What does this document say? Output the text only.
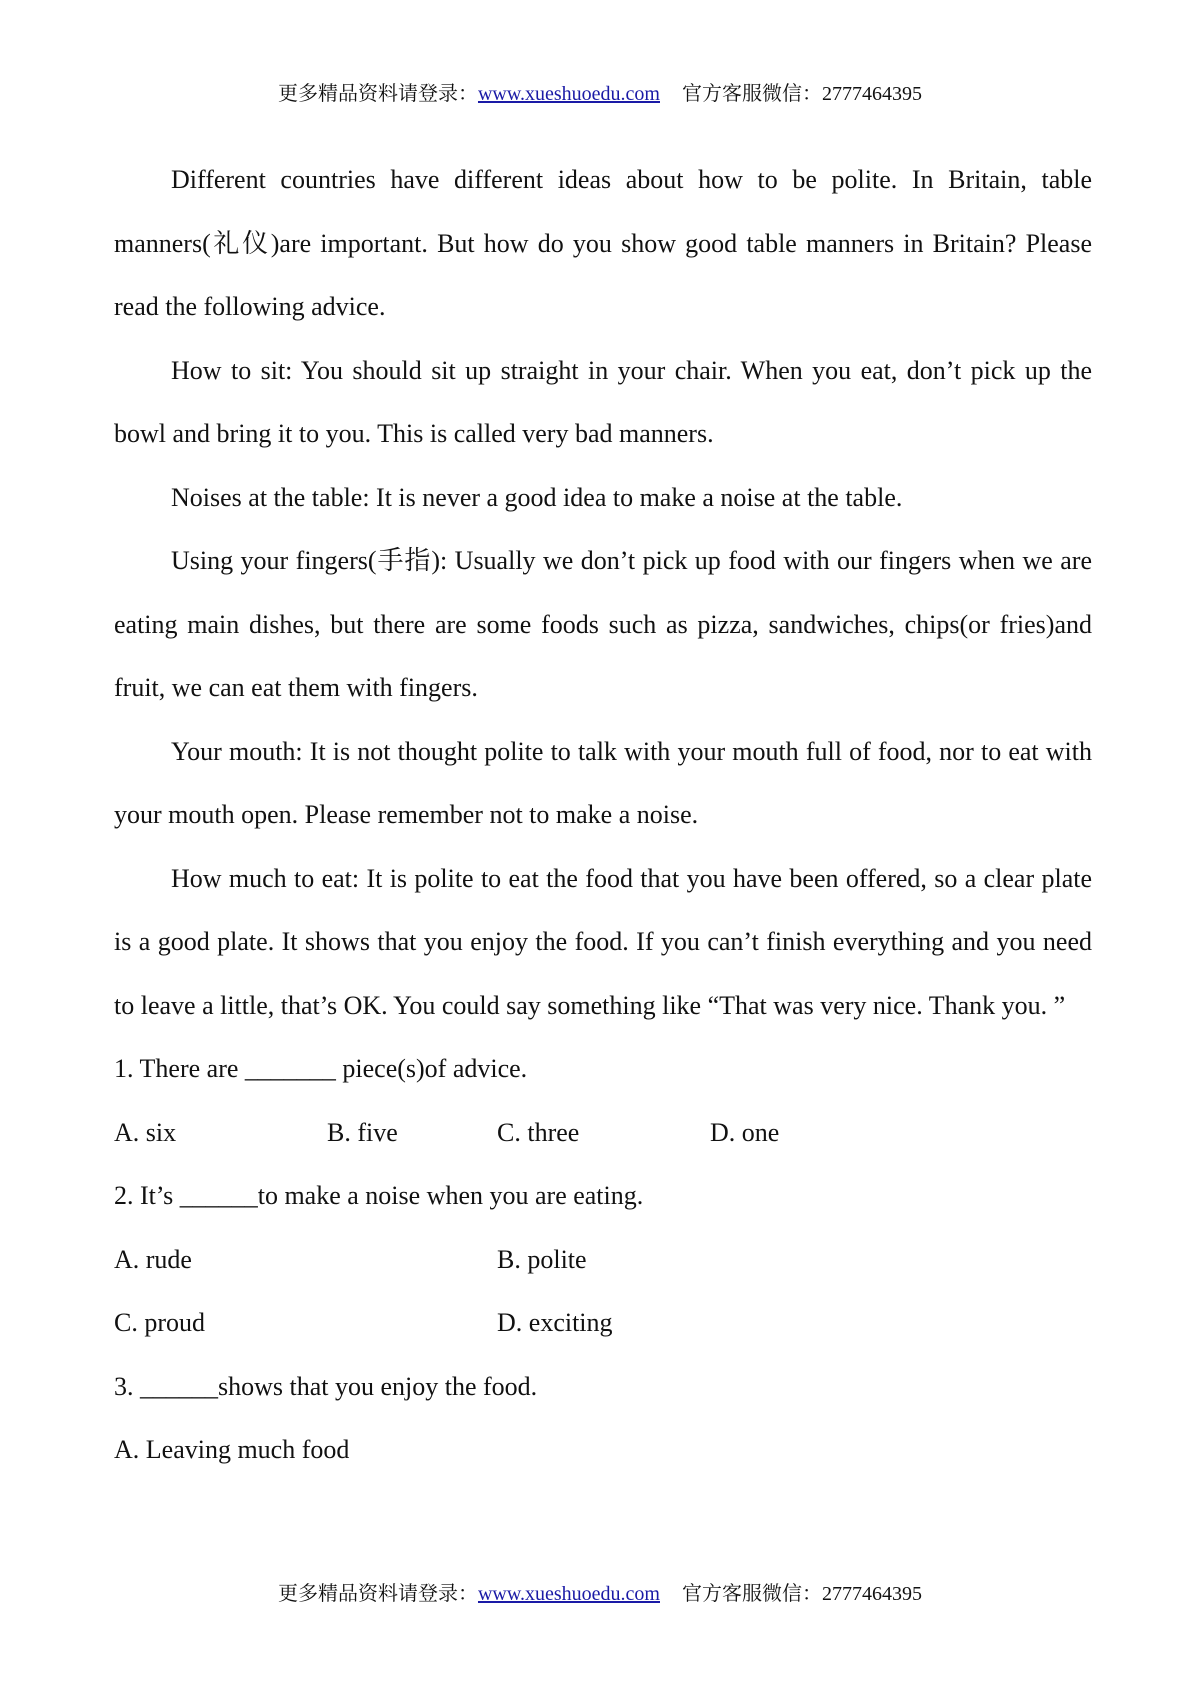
更多精品资料请登录：www.xueshuoedu.com 官方客服微信：2777464395

Different countries have different ideas about how to be polite. In Britain, table manners(礼仪)are important. But how do you show good table manners in Britain? Please read the following advice.

How to sit: You should sit up straight in your chair. When you eat, don’t pick up the bowl and bring it to you. This is called very bad manners.

Noises at the table: It is never a good idea to make a noise at the table.

Using your fingers(手指): Usually we don’t pick up food with our fingers when we are eating main dishes, but there are some foods such as pizza, sandwiches, chips(or fries)and fruit, we can eat them with fingers.

Your mouth: It is not thought polite to talk with your mouth full of food, nor to eat with your mouth open. Please remember not to make a noise.

How much to eat: It is polite to eat the food that you have been offered, so a clear plate is a good plate. It shows that you enjoy the food. If you can’t finish everything and you need to leave a little, that’s OK. You could say something like “That was very nice. Thank you. ”

1. There are _______ piece(s)of advice.

A. six	B. five	C. three	D. one

2. It’s ______to make a noise when you are eating.

A. rude	B. polite
C. proud	D. exciting

3. ______shows that you enjoy the food.

A. Leaving much food

更多精品资料请登录：www.xueshuoedu.com 官方客服微信：2777464395
